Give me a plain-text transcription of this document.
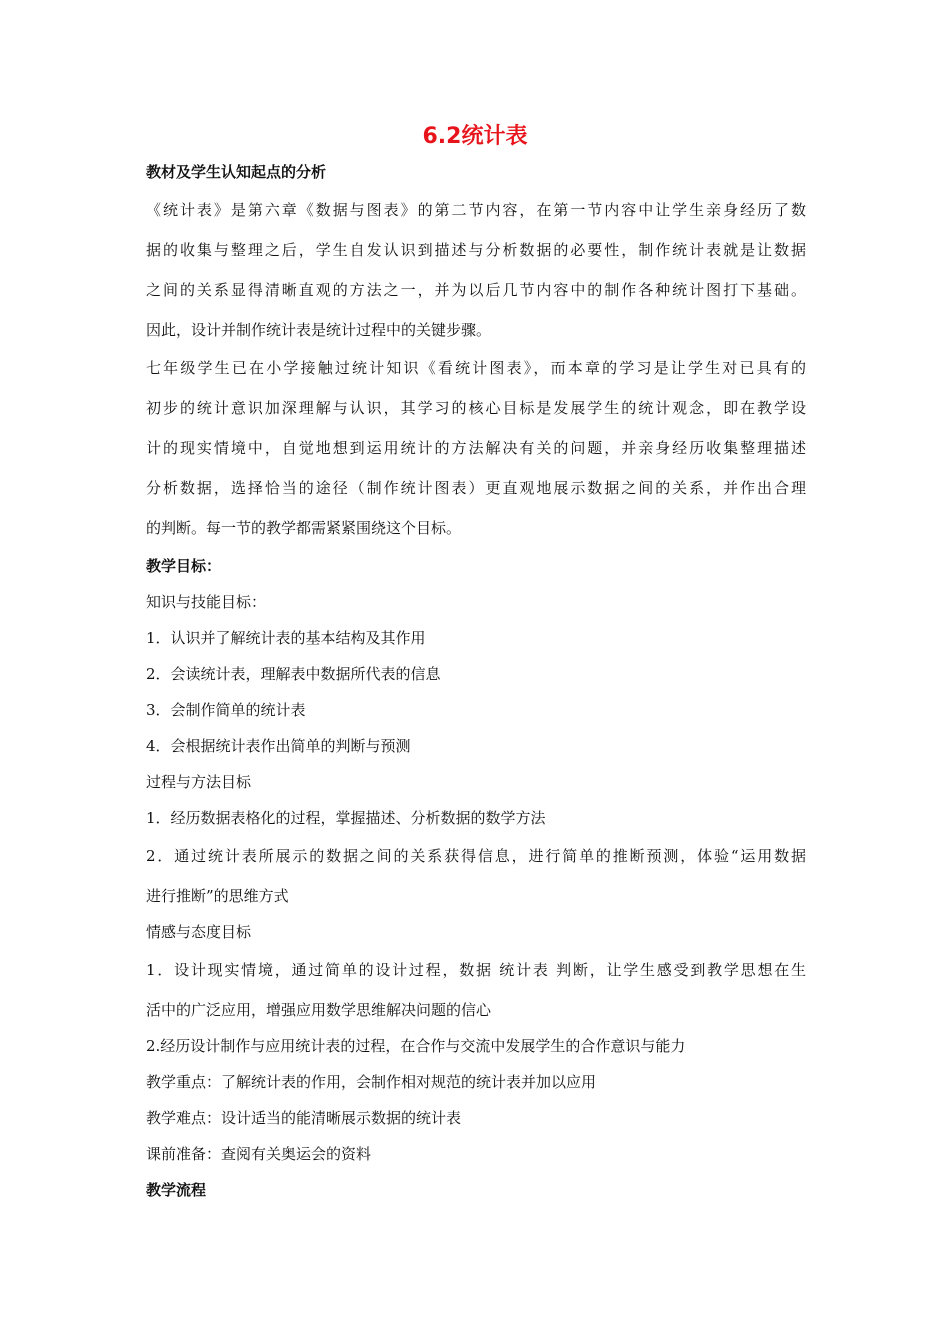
6.2统计表
教材及学生认知起点的分析
《统计表》是第六章《数据与图表》的第二节内容，在第一节内容中让学生亲身经历了数
据的收集与整理之后，学生自发认识到描述与分析数据的必要性，制作统计表就是让数据
之间的关系显得清晰直观的方法之一，并为以后几节内容中的制作各种统计图打下基础。
因此，设计并制作统计表是统计过程中的关键步骤。
七年级学生已在小学接触过统计知识《看统计图表》，而本章的学习是让学生对已具有的
初步的统计意识加深理解与认识，其学习的核心目标是发展学生的统计观念，即在教学设
计的现实情境中，自觉地想到运用统计的方法解决有关的问题，并亲身经历收集整理描述
分析数据，选择恰当的途径（制作统计图表）更直观地展示数据之间的关系，并作出合理
的判断。每一节的教学都需紧紧围绕这个目标。
教学目标：
知识与技能目标：
1．认识并了解统计表的基本结构及其作用
2．会读统计表，理解表中数据所代表的信息
3．会制作简单的统计表
4．会根据统计表作出简单的判断与预测
过程与方法目标
1．经历数据表格化的过程，掌握描述、分析数据的数学方法
2．通过统计表所展示的数据之间的关系获得信息，进行简单的推断预测，体验“运用数据
进行推断”的思维方式
情感与态度目标
1．设计现实情境，通过简单的设计过程，数据 统计表 判断，让学生感受到教学思想在生
活中的广泛应用，增强应用数学思维解决问题的信心
2.经历设计制作与应用统计表的过程，在合作与交流中发展学生的合作意识与能力
教学重点：了解统计表的作用，会制作相对规范的统计表并加以应用
教学难点：设计适当的能清晰展示数据的统计表
课前准备：查阅有关奥运会的资料
教学流程
